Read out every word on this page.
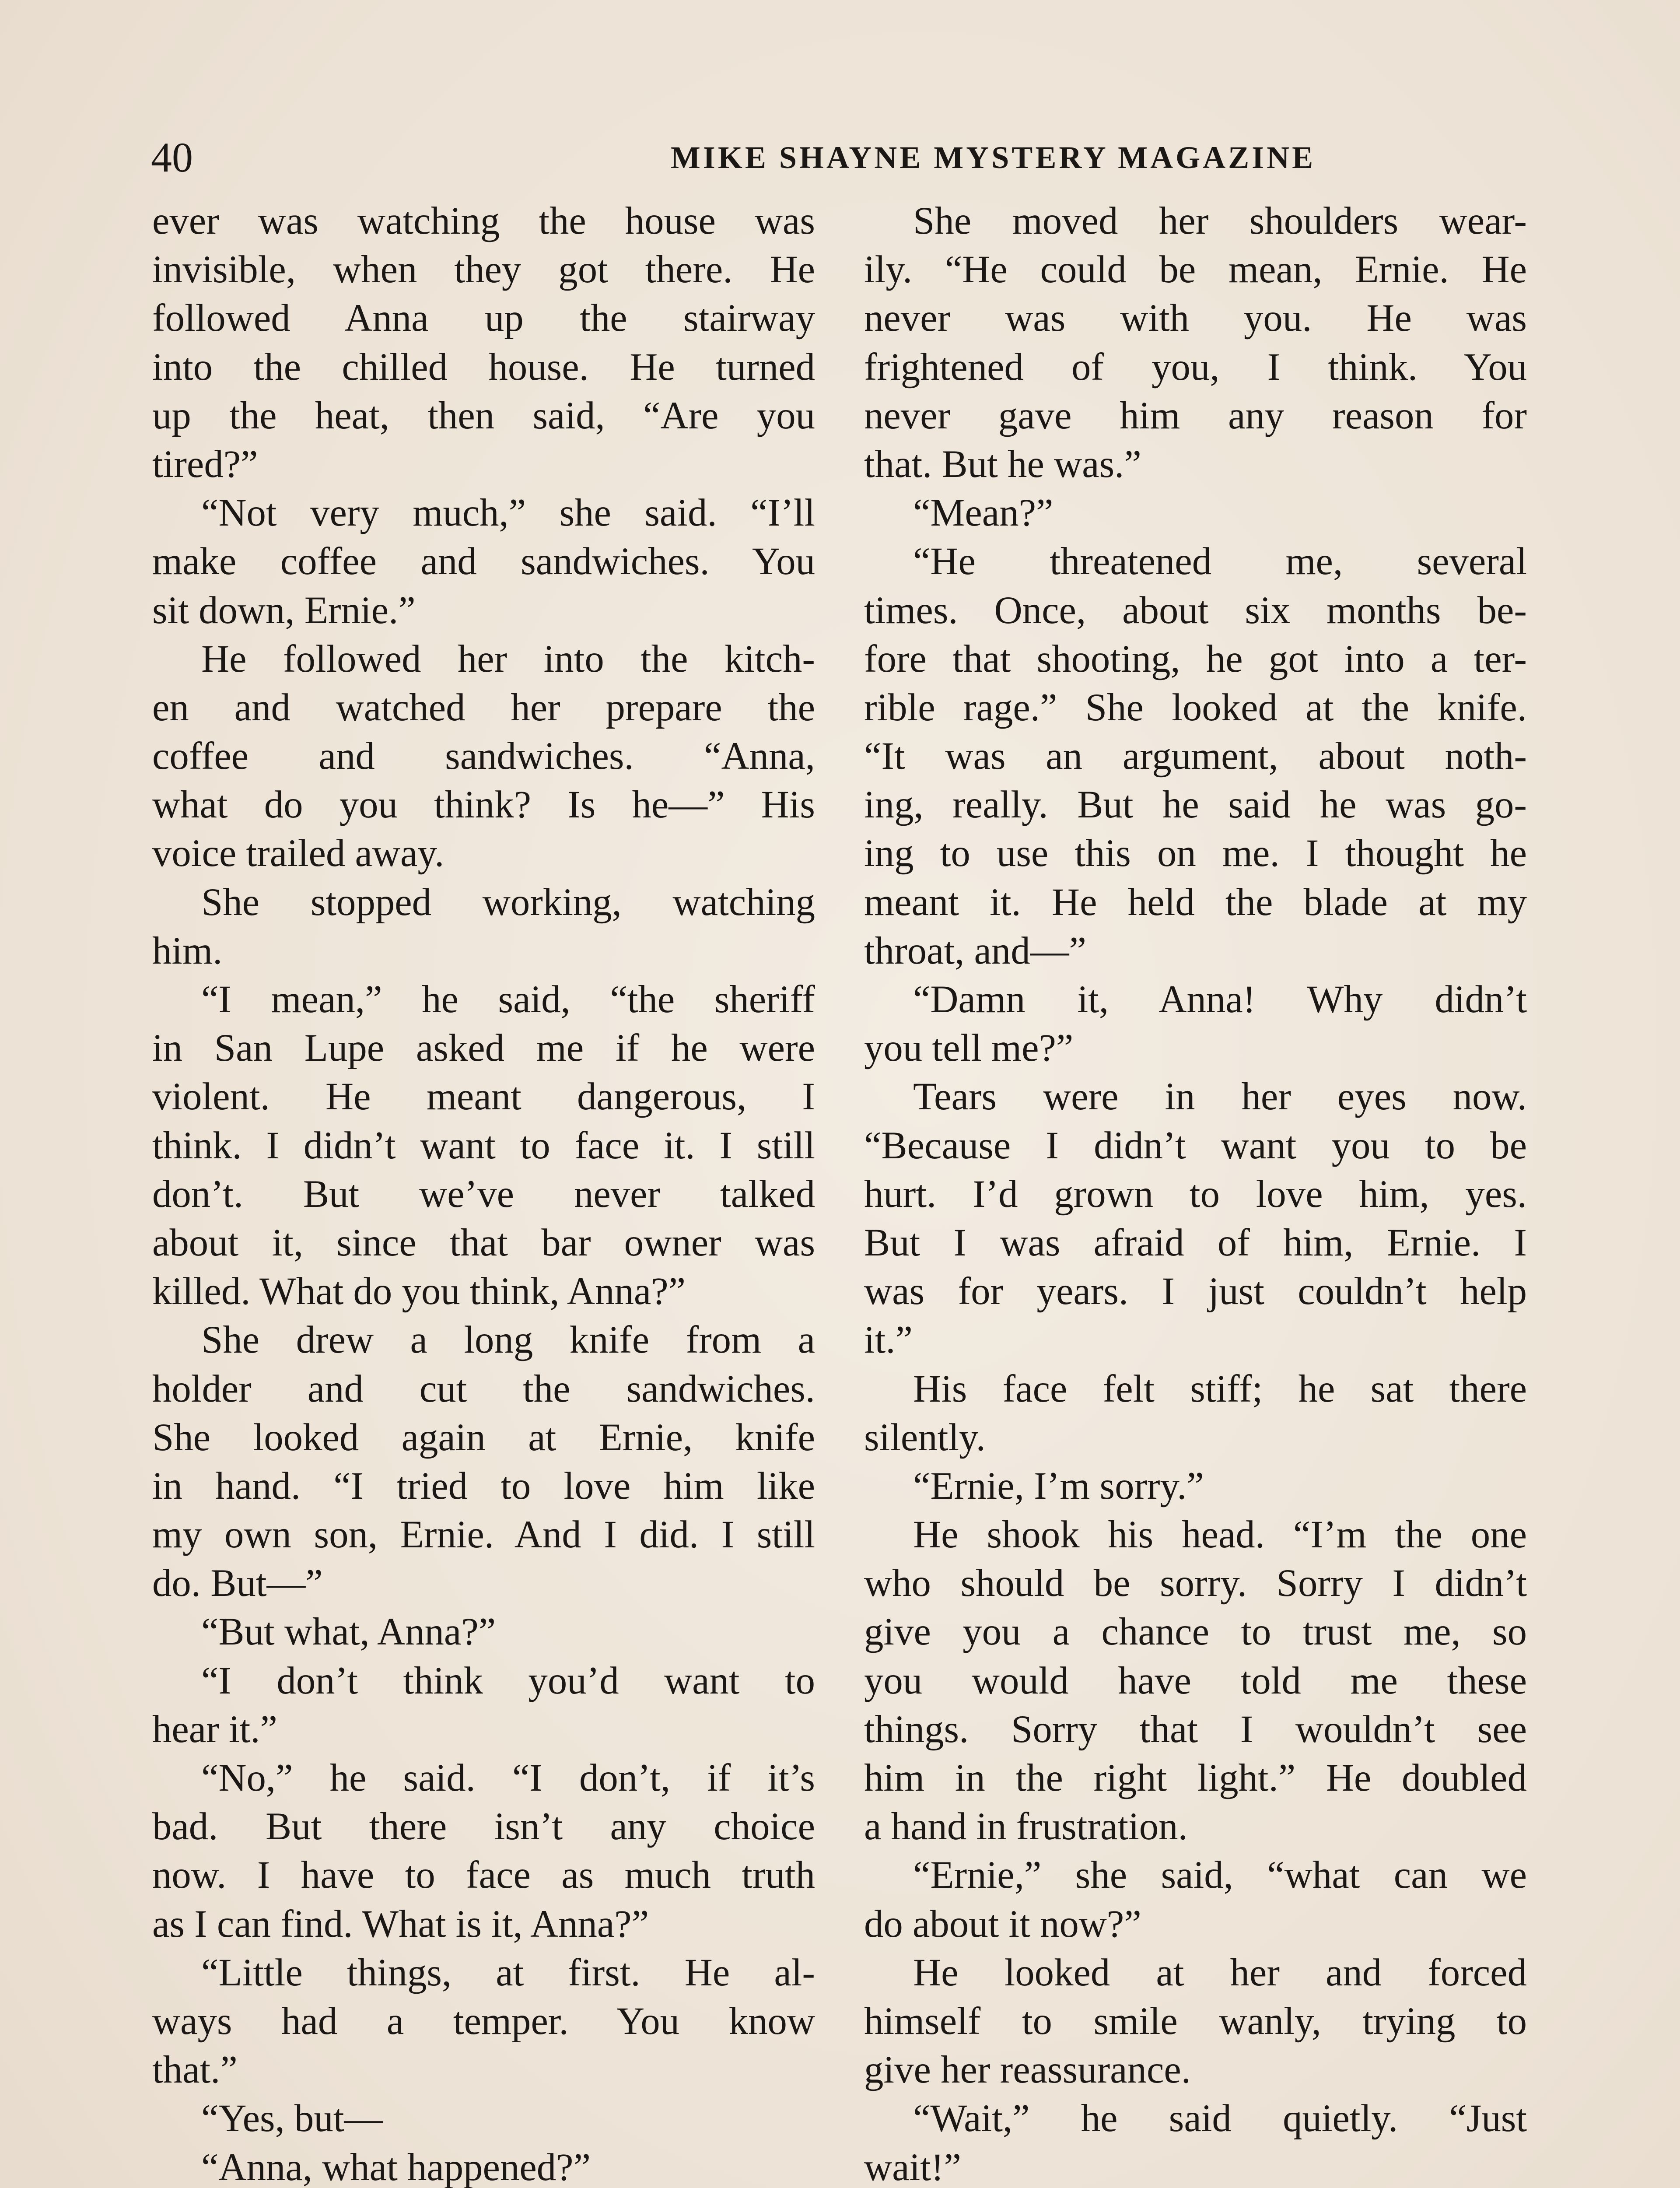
40	MIKE SHAYNE MYSTERY MAGAZINE
ever was watching the house was
invisible, when they got there. He
followed Anna up the stairway
into the chilled house. He turned
up the heat, then said, “Are you
tired?”
“Not very much,” she said. “I’ll
make coffee and sandwiches. You
sit down, Ernie.”
He followed her into the kitch-
en and watched her prepare the
coffee and sandwiches. “Anna,
what do you think? Is he—” His
voice trailed away.
She stopped working, watching
him.
“I mean,” he said, “the sheriff
in San Lupe asked me if he were
violent. He meant dangerous, I
think. I didn’t want to face it. I still
don’t. But we’ve never talked
about it, since that bar owner was
killed. What do you think, Anna?”
She drew a long knife from a
holder and cut the sandwiches.
She looked again at Ernie, knife
in hand. “I tried to love him like
my own son, Ernie. And I did. I still
do. But—”
“But what, Anna?”
“I don’t think you’d want to
hear it.”
“No,” he said. “I don’t, if it’s
bad. But there isn’t any choice
now. I have to face as much truth
as I can find. What is it, Anna?”
“Little things, at first. He al-
ways had a temper. You know
that.”
“Yes, but—
“Anna, what happened?”
She moved her shoulders wear-
ily. “He could be mean, Ernie. He
never was with you. He was
frightened of you, I think. You
never gave him any reason for
that. But he was.”
“Mean?”
“He threatened me, several
times. Once, about six months be-
fore that shooting, he got into a ter-
rible rage.” She looked at the knife.
“It was an argument, about noth-
ing, really. But he said he was go-
ing to use this on me. I thought he
meant it. He held the blade at my
throat, and—”
“Damn it, Anna! Why didn’t
you tell me?”
Tears were in her eyes now.
“Because I didn’t want you to be
hurt. I’d grown to love him, yes.
But I was afraid of him, Ernie. I
was for years. I just couldn’t help
it.”
His face felt stiff; he sat there
silently.
“Ernie, I’m sorry.”
He shook his head. “I’m the one
who should be sorry. Sorry I didn’t
give you a chance to trust me, so
you would have told me these
things. Sorry that I wouldn’t see
him in the right light.” He doubled
a hand in frustration.
“Ernie,” she said, “what can we
do about it now?”
He looked at her and forced
himself to smile wanly, trying to
give her reassurance.
“Wait,” he said quietly. “Just
wait!”
